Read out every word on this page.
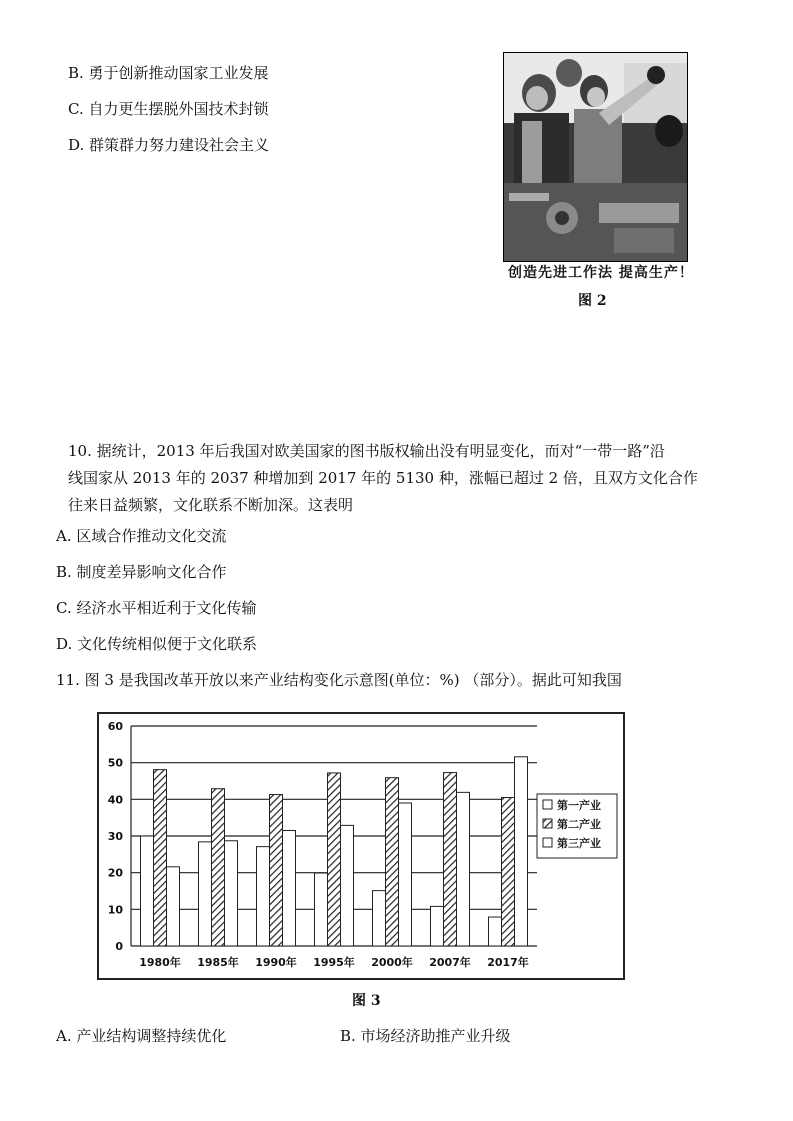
B. 勇于创新推动国家工业发展
C. 自力更生摆脱外国技术封锁
D. 群策群力努力建设社会主义
创造先进工作法 提高生产！
图 2
10. 据统计，2013 年后我国对欧美国家的图书版权输出没有明显变化，而对“一带一路”沿
线国家从 2013 年的 2037 种增加到 2017 年的 5130 种，涨幅已超过 2 倍，且双方文化合作
往来日益频繁，文化联系不断加深。这表明
A. 区域合作推动文化交流
B. 制度差异影响文化合作
C. 经济水平相近利于文化传输
D. 文化传统相似便于文化联系
11. 图 3 是我国改革开放以来产业结构变化示意图(单位：%) （部分）。据此可知我国
0
10
20
30
40
50
60
1980年 1985年 1990年 1995年 2000年 2007年 2017年
第一产业
第二产业
第三产业
图 3
A. 产业结构调整持续优化	B. 市场经济助推产业升级
